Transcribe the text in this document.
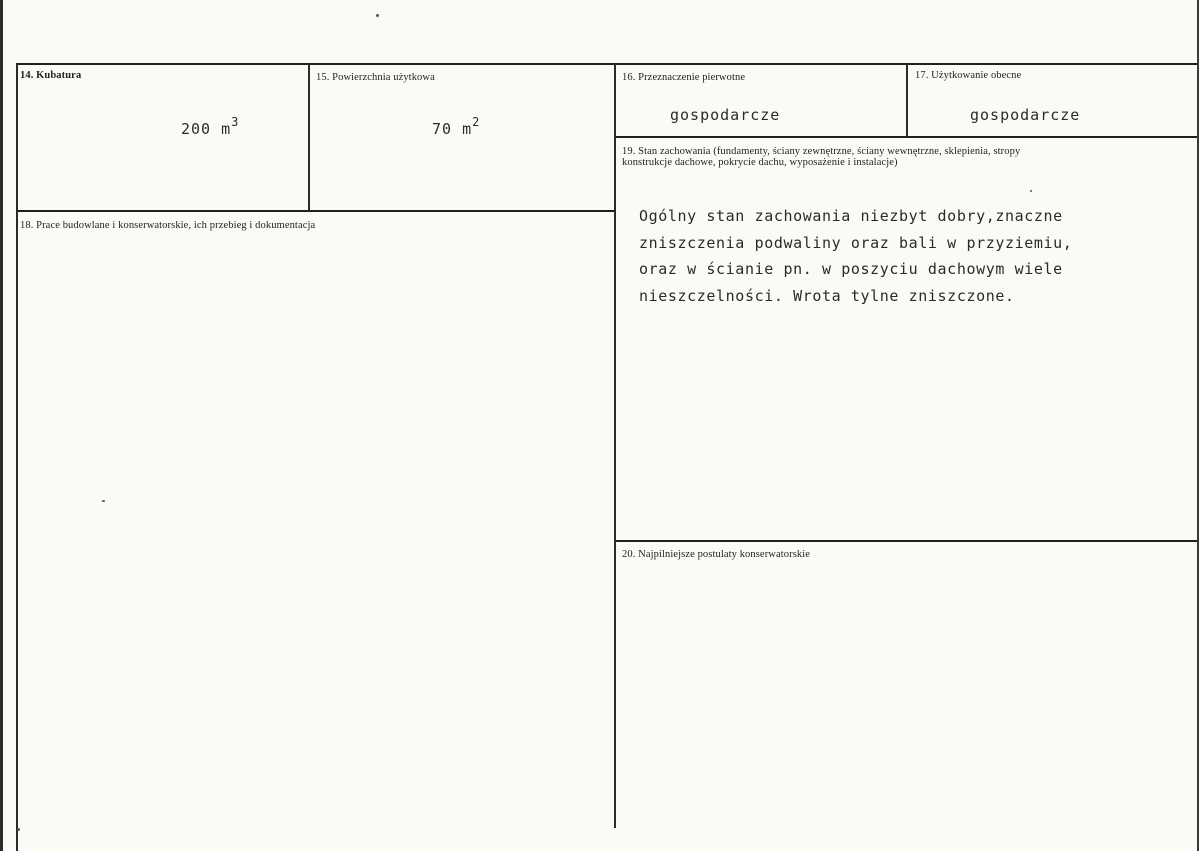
14. Kubatura
200 $m^3$
15. Powierzchnia użytkowa
70 $m^2$
16. Przeznaczenie pierwotne
gospodarcze
17. Użytkowanie obecne
gospodarcze
18. Prace budowlane i konserwatorskie, ich przebieg i dokumentacja
19. Stan zachowania (fundamenty, ściany zewnętrzne, ściany wewnętrzne, sklepienia, stropy
konstrukcje dachowe, pokrycie dachu, wyposażenie i instalacje)
Ogólny stan zachowania niezbyt dobry,znaczne
zniszczenia podwaliny oraz bali w przyziemiu,
oraz w ścianie pn. w poszyciu dachowym wiele
nieszczelności. Wrota tylne zniszczone.
20. Najpilniejsze postulaty konserwatorskie
